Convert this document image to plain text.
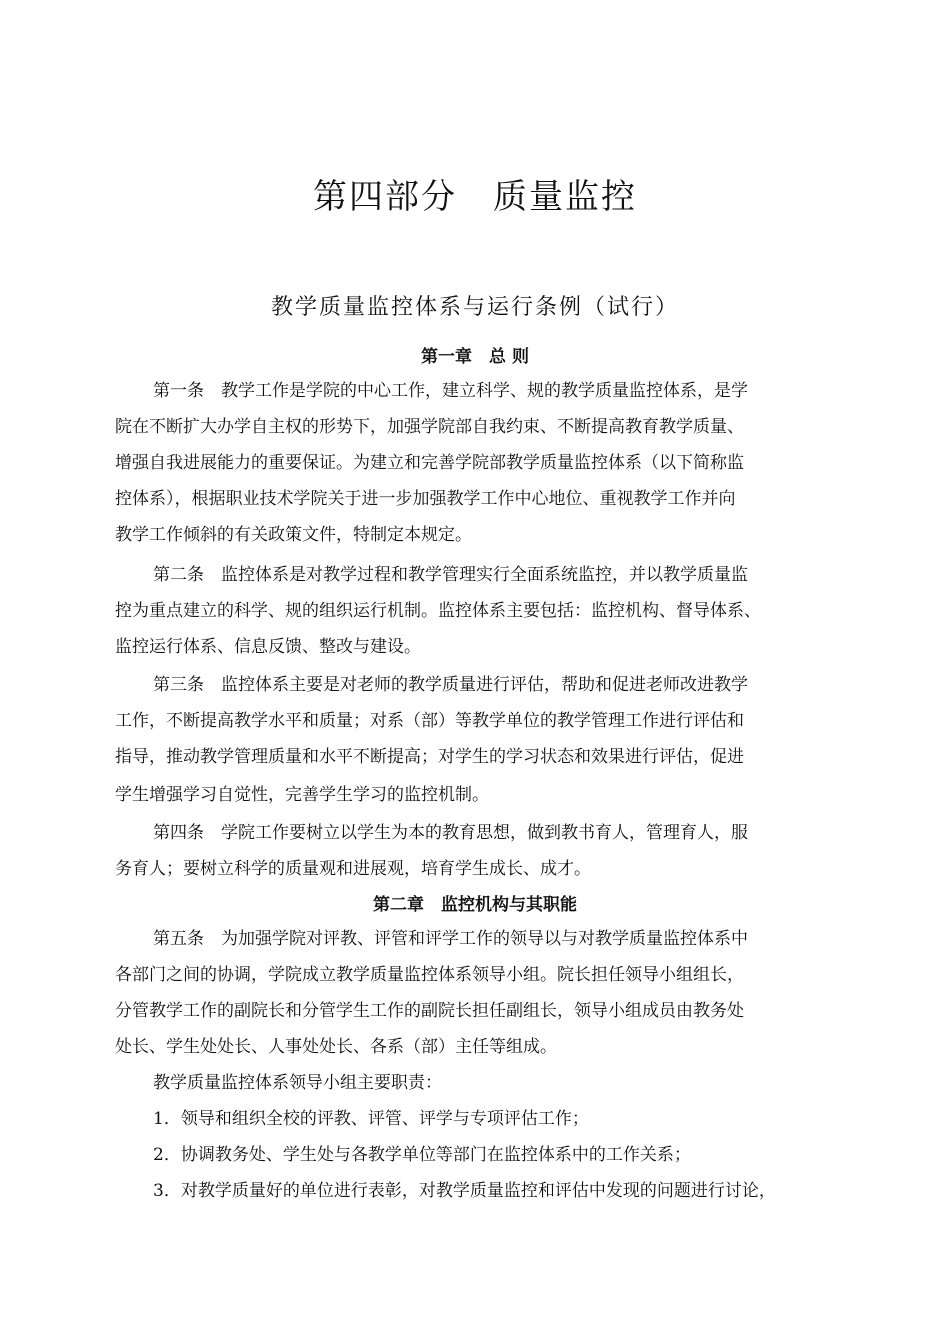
第四部分　质量监控
教学质量监控体系与运行条例（试行）
第一章　总 则
第一条　教学工作是学院的中心工作，建立科学、规的教学质量监控体系，是学
院在不断扩大办学自主权的形势下，加强学院部自我约束、不断提高教育教学质量、
增强自我进展能力的重要保证。为建立和完善学院部教学质量监控体系（以下简称监
控体系），根据职业技术学院关于进一步加强教学工作中心地位、重视教学工作并向
教学工作倾斜的有关政策文件，特制定本规定。
第二条　监控体系是对教学过程和教学管理实行全面系统监控，并以教学质量监
控为重点建立的科学、规的组织运行机制。监控体系主要包括：监控机构、督导体系、
监控运行体系、信息反馈、整改与建设。
第三条　监控体系主要是对老师的教学质量进行评估，帮助和促进老师改进教学
工作，不断提高教学水平和质量；对系（部）等教学单位的教学管理工作进行评估和
指导，推动教学管理质量和水平不断提高；对学生的学习状态和效果进行评估，促进
学生增强学习自觉性，完善学生学习的监控机制。
第四条　学院工作要树立以学生为本的教育思想，做到教书育人，管理育人，服
务育人；要树立科学的质量观和进展观，培育学生成长、成才。
第二章　监控机构与其职能
第五条　为加强学院对评教、评管和评学工作的领导以与对教学质量监控体系中
各部门之间的协调，学院成立教学质量监控体系领导小组。院长担任领导小组组长，
分管教学工作的副院长和分管学生工作的副院长担任副组长，领导小组成员由教务处
处长、学生处处长、人事处处长、各系（部）主任等组成。
教学质量监控体系领导小组主要职责：
1．领导和组织全校的评教、评管、评学与专项评估工作；
2．协调教务处、学生处与各教学单位等部门在监控体系中的工作关系；
3．对教学质量好的单位进行表彰，对教学质量监控和评估中发现的问题进行讨论，
